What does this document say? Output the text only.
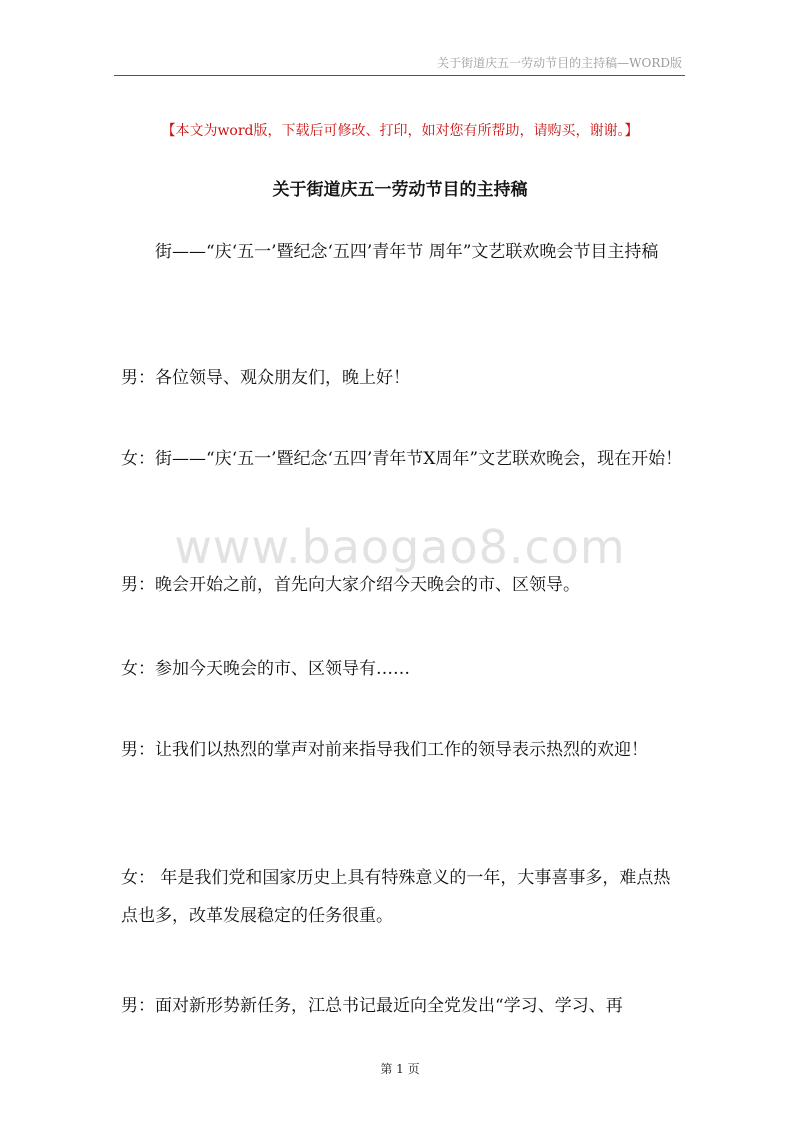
关于街道庆五一劳动节目的主持稿—WORD版
【本文为word版，下载后可修改、打印，如对您有所帮助，请购买，谢谢。】
关于街道庆五一劳动节目的主持稿
街——“庆‘五一’暨纪念‘五四’青年节 周年”文艺联欢晚会节目主持稿
男：各位领导、观众朋友们，晚上好！
女：街——“庆‘五一’暨纪念‘五四’青年节X周年”文艺联欢晚会，现在开始！
男：晚会开始之前，首先向大家介绍今天晚会的市、区领导。
女：参加今天晚会的市、区领导有……
男：让我们以热烈的掌声对前来指导我们工作的领导表示热烈的欢迎！
女： 年是我们党和国家历史上具有特殊意义的一年，大事喜事多，难点热点也多，改革发展稳定的任务很重。
男：面对新形势新任务，江总书记最近向全党发出“学习、学习、再
www.baogao8.com
第 1 页
